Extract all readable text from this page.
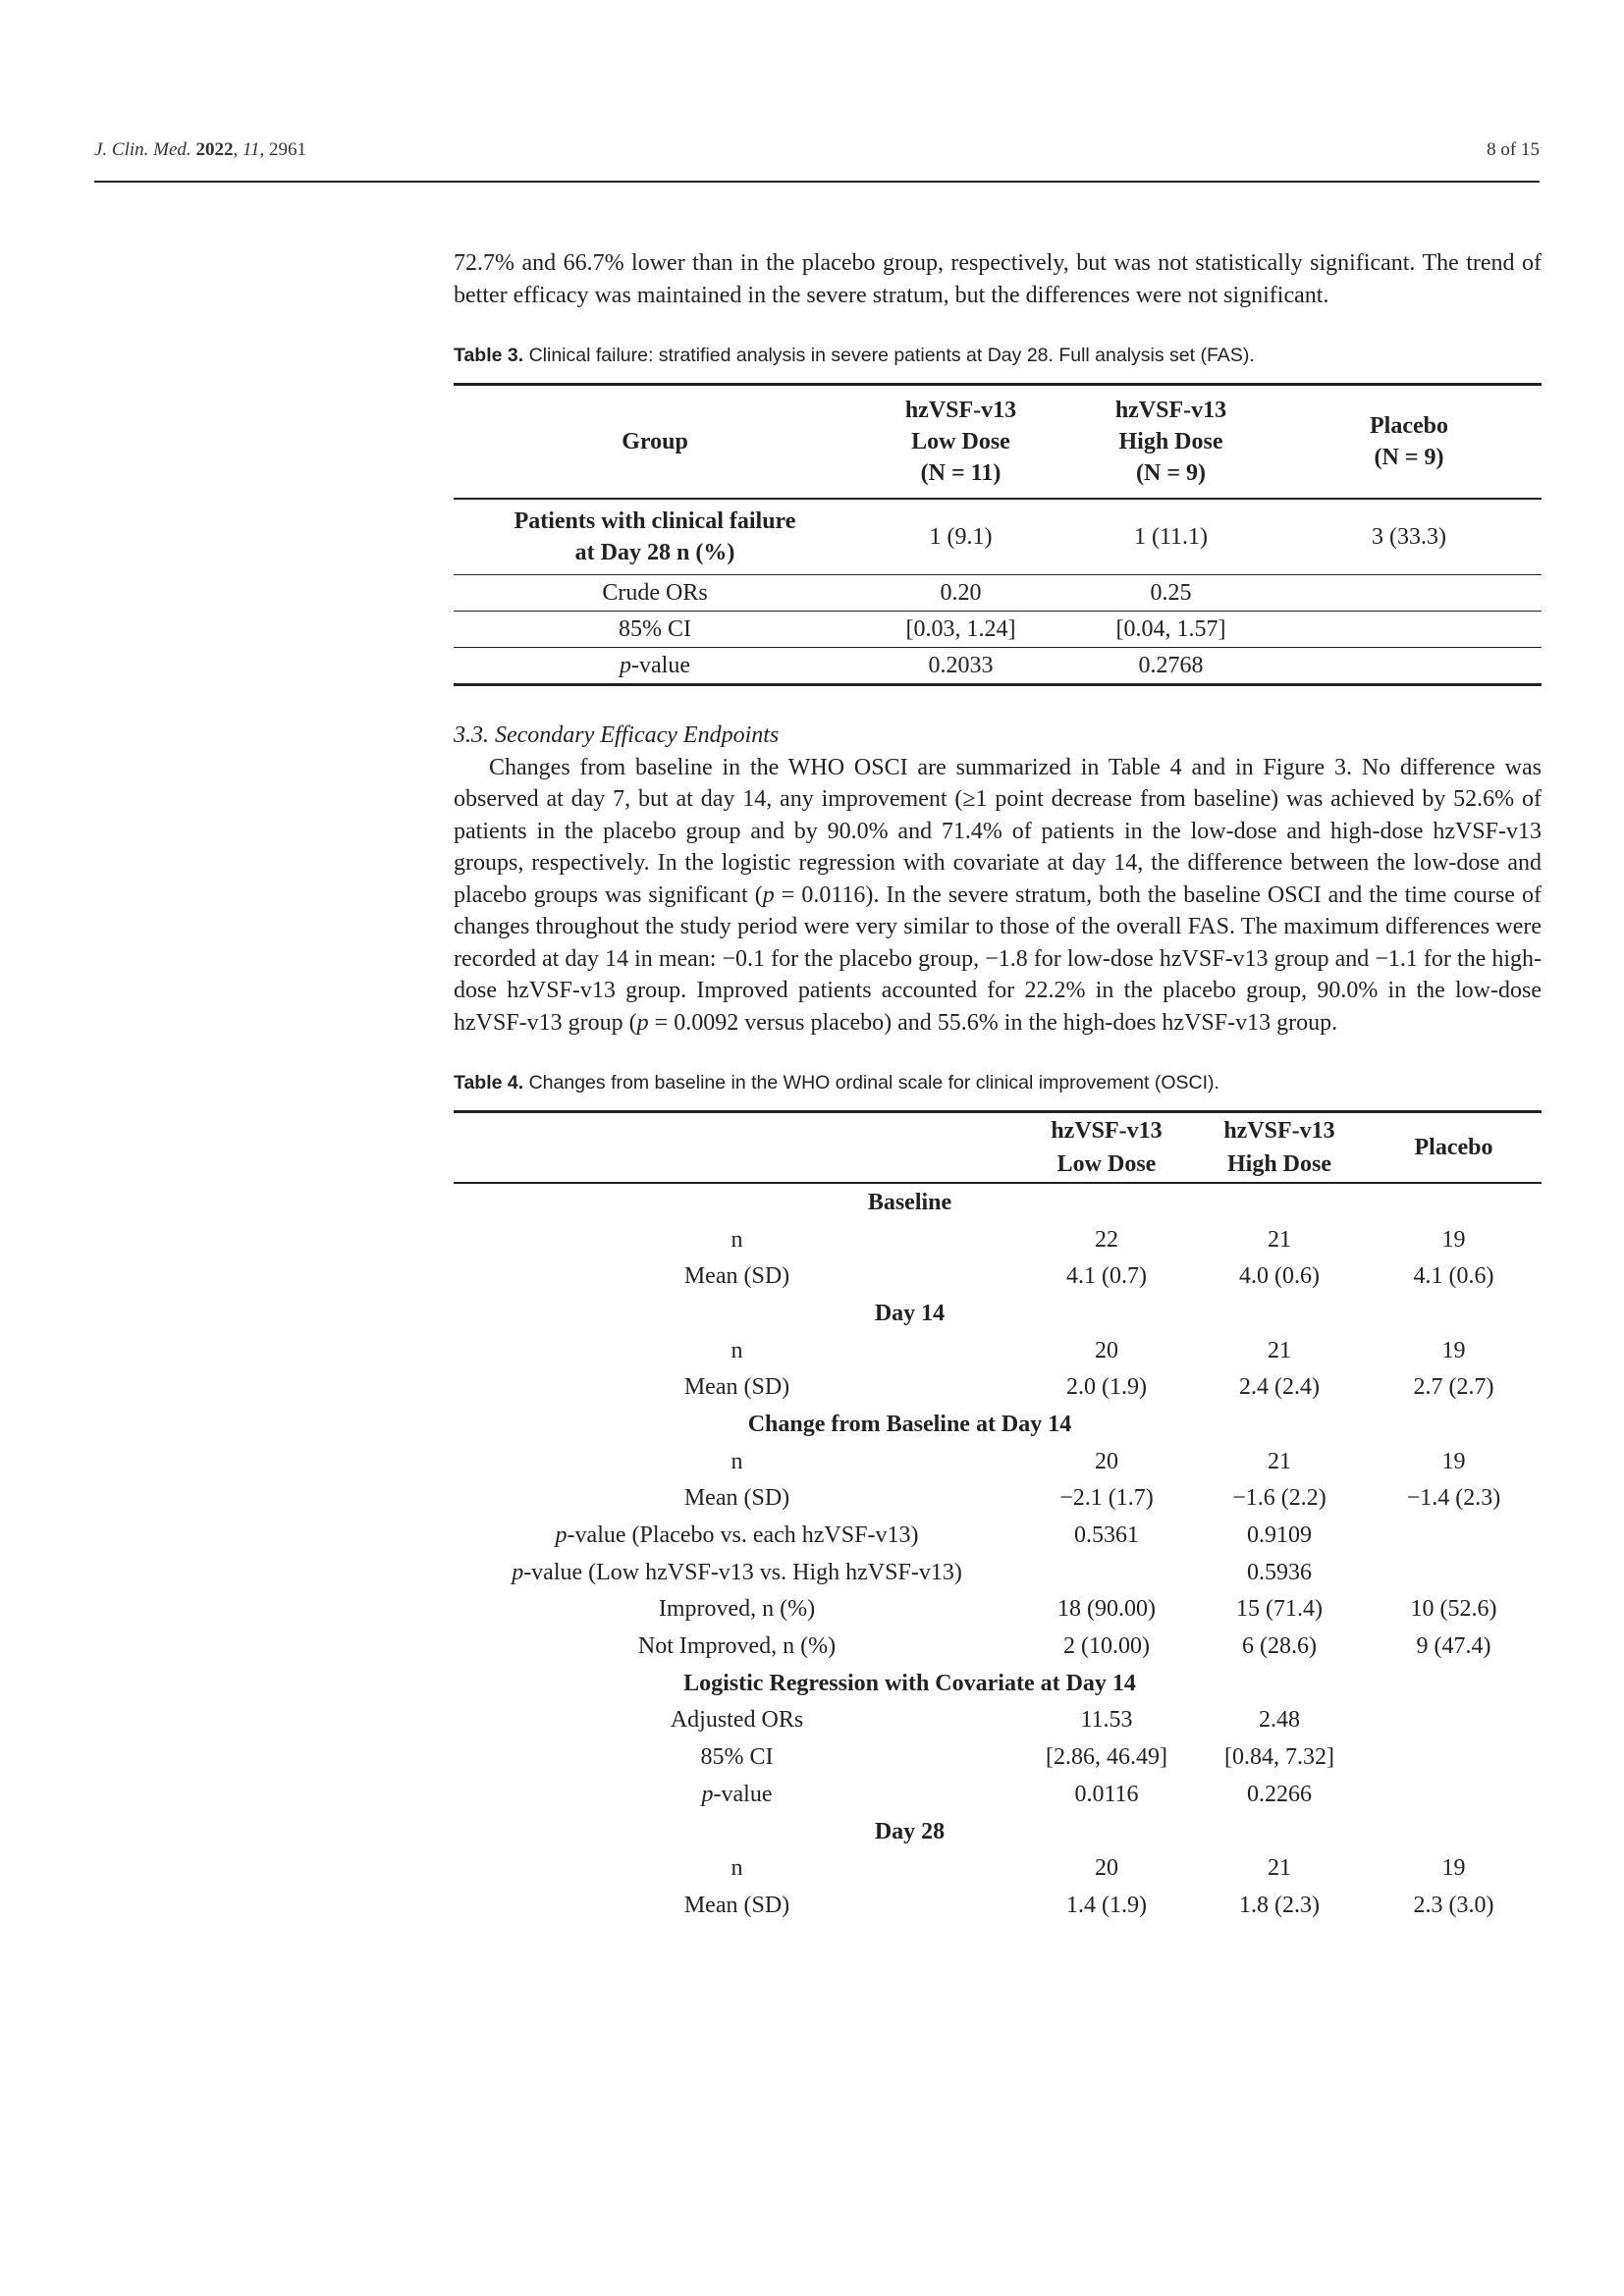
J. Clin. Med. 2022, 11, 2961	8 of 15

72.7% and 66.7% lower than in the placebo group, respectively, but was not statistically significant. The trend of better efficacy was maintained in the severe stratum, but the differences were not significant.

Table 3. Clinical failure: stratified analysis in severe patients at Day 28. Full analysis set (FAS).

Group	hzVSF-v13
Low Dose
(N = 11)	hzVSF-v13
High Dose
(N = 9)	Placebo
(N = 9)
Patients with clinical failure
at Day 28 n (%)	1 (9.1)	1 (11.1)	3 (33.3)
Crude ORs	0.20	0.25	
85% CI	[0.03, 1.24]	[0.04, 1.57]	
p-value	0.2033	0.2768	

3.3. Secondary Efficacy Endpoints

Changes from baseline in the WHO OSCI are summarized in Table 4 and in Figure 3. No difference was observed at day 7, but at day 14, any improvement (≥1 point decrease from baseline) was achieved by 52.6% of patients in the placebo group and by 90.0% and 71.4% of patients in the low-dose and high-dose hzVSF-v13 groups, respectively. In the logistic regression with covariate at day 14, the difference between the low-dose and placebo groups was significant (p = 0.0116). In the severe stratum, both the baseline OSCI and the time course of changes throughout the study period were very similar to those of the overall FAS. The maximum differences were recorded at day 14 in mean: −0.1 for the placebo group, −1.8 for low-dose hzVSF-v13 group and −1.1 for the high-dose hzVSF-v13 group. Improved patients accounted for 22.2% in the placebo group, 90.0% in the low-dose hzVSF-v13 group (p = 0.0092 versus placebo) and 55.6% in the high-does hzVSF-v13 group.

Table 4. Changes from baseline in the WHO ordinal scale for clinical improvement (OSCI).

	hzVSF-v13
Low Dose	hzVSF-v13
High Dose	Placebo
Baseline			
n	22	21	19
Mean (SD)	4.1 (0.7)	4.0 (0.6)	4.1 (0.6)
Day 14			
n	20	21	19
Mean (SD)	2.0 (1.9)	2.4 (2.4)	2.7 (2.7)
Change from Baseline at Day 14			
n	20	21	19
Mean (SD)	−2.1 (1.7)	−1.6 (2.2)	−1.4 (2.3)
p-value (Placebo vs. each hzVSF-v13)	0.5361	0.9109	
p-value (Low hzVSF-v13 vs. High hzVSF-v13)		0.5936	
Improved, n (%)	18 (90.00)	15 (71.4)	10 (52.6)
Not Improved, n (%)	2 (10.00)	6 (28.6)	9 (47.4)
Logistic Regression with Covariate at Day 14			
Adjusted ORs	11.53	2.48	
85% CI	[2.86, 46.49]	[0.84, 7.32]	
p-value	0.0116	0.2266	
Day 28			
n	20	21	19
Mean (SD)	1.4 (1.9)	1.8 (2.3)	2.3 (3.0)
